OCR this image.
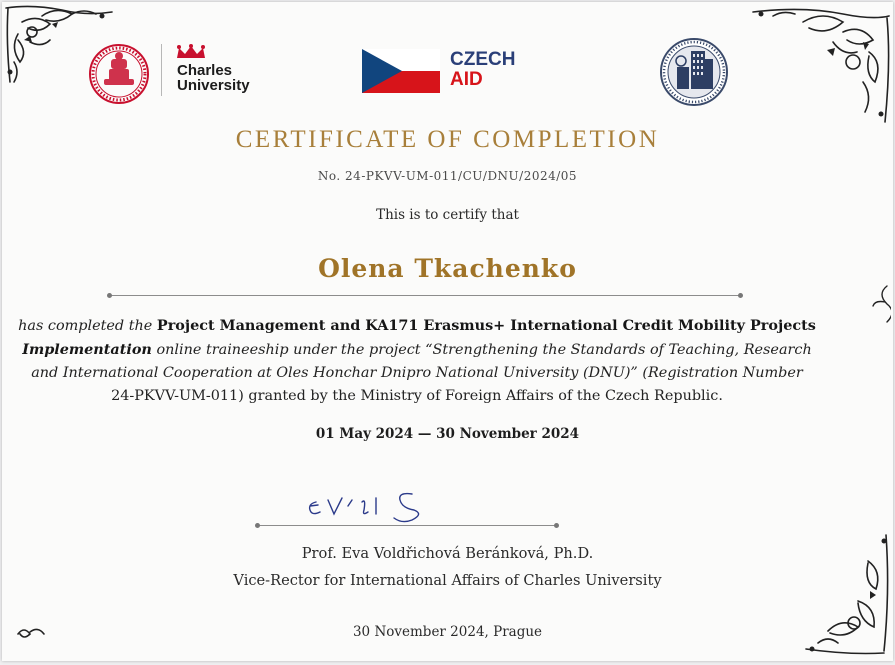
Charles
University
CZECH
AID
CERTIFICATE OF COMPLETION
No. 24-PKVV-UM-011/CU/DNU/2024/05
This is to certify that
Olena Tkachenko
has completed the Project Management and KA171 Erasmus+ International Credit Mobility Projects
Implementation online traineeship under the project “Strengthening the Standards of Teaching, Research
and International Cooperation at Oles Honchar Dnipro National University (DNU)” (Registration Number
24-PKVV-UM-011) granted by the Ministry of Foreign Affairs of the Czech Republic.
01 May 2024 — 30 November 2024
Prof. Eva Voldřichová Beránková, Ph.D.
Vice-Rector for International Affairs of Charles University
30 November 2024, Prague
